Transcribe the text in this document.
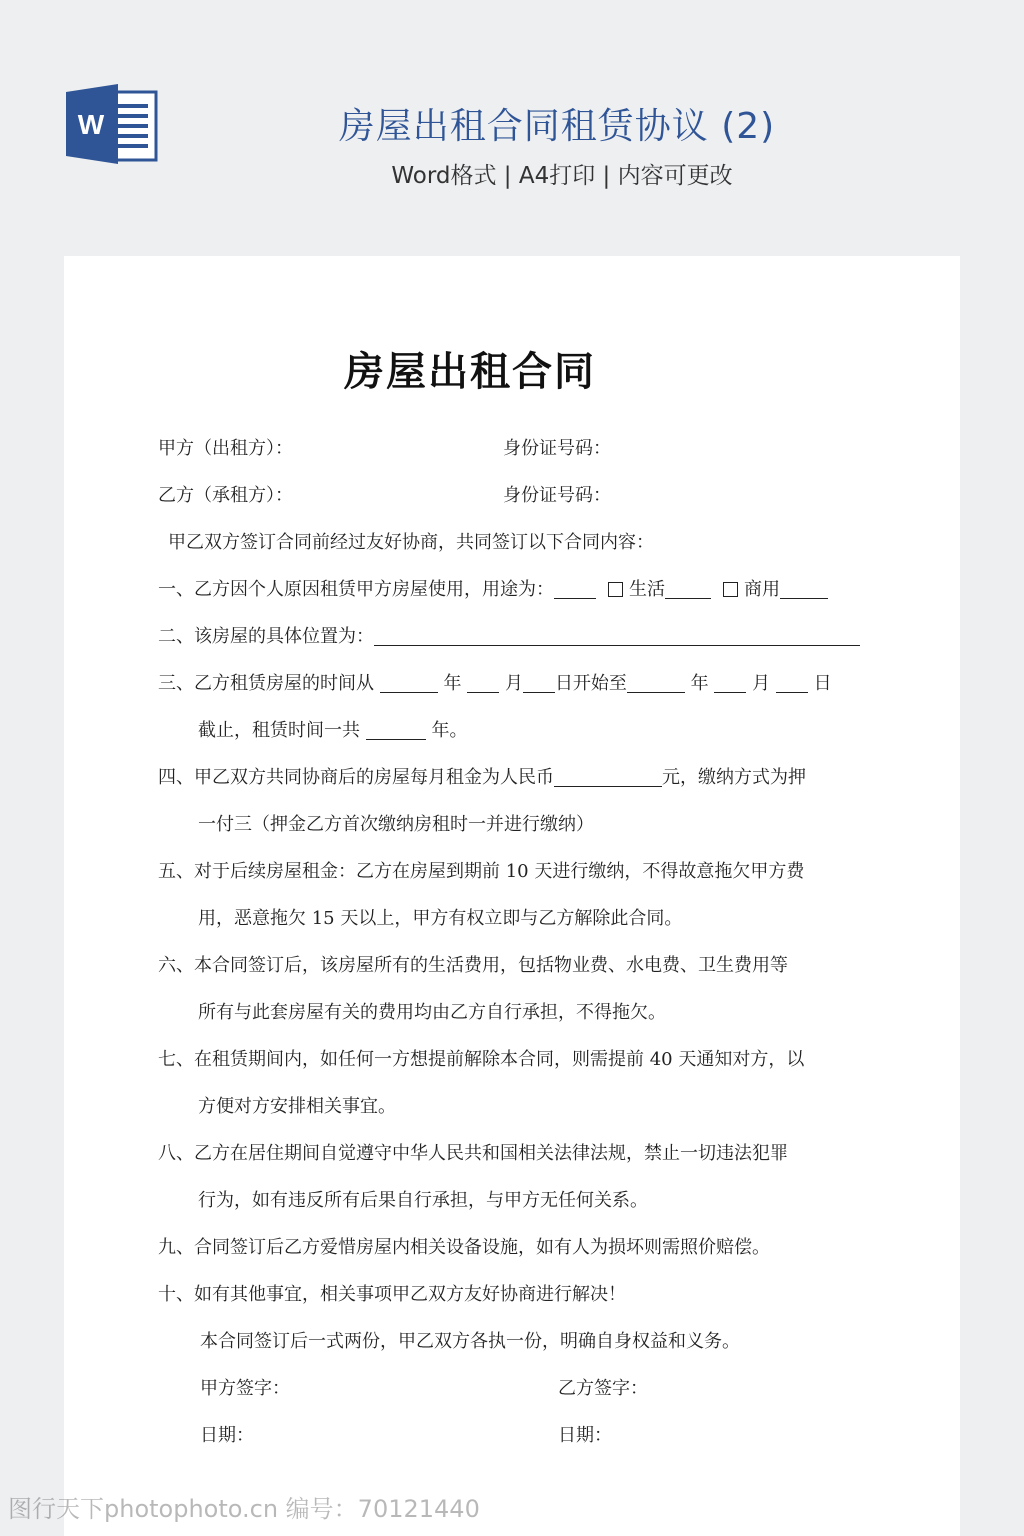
W	房屋出租合同租赁协议 (2)
Word格式 | A4打印 | 内容可更改
房屋出租合同
甲方（出租方）：	身份证号码：
乙方（承租方）：	身份证号码：
甲乙双方签订合同前经过友好协商，共同签订以下合同内容：
一、乙方因个人原因租赁甲方房屋使用，用途为：	生活	商用
二、该房屋的具体位置为：
三、乙方租赁房屋的时间从	年 月 日开始至	年 月 日
截止，租赁时间一共	年。
四、甲乙双方共同协商后的房屋每月租金为人民币	元，缴纳方式为押
一付三（押金乙方首次缴纳房租时一并进行缴纳）
五、对于后续房屋租金：乙方在房屋到期前 10 天进行缴纳，不得故意拖欠甲方费
用，恶意拖欠 15 天以上，甲方有权立即与乙方解除此合同。
六、本合同签订后，该房屋所有的生活费用，包括物业费、水电费、卫生费用等
所有与此套房屋有关的费用均由乙方自行承担，不得拖欠。
七、在租赁期间内，如任何一方想提前解除本合同，则需提前 40 天通知对方，以
方便对方安排相关事宜。
八、乙方在居住期间自觉遵守中华人民共和国相关法律法规，禁止一切违法犯罪
行为，如有违反所有后果自行承担，与甲方无任何关系。
九、合同签订后乙方爱惜房屋内相关设备设施，如有人为损坏则需照价赔偿。
十、如有其他事宜，相关事项甲乙双方友好协商进行解决！
本合同签订后一式两份，甲乙双方各执一份，明确自身权益和义务。
甲方签字：	乙方签字：
日期：	日期：
图行天下photophoto.cn 编号：70121440
